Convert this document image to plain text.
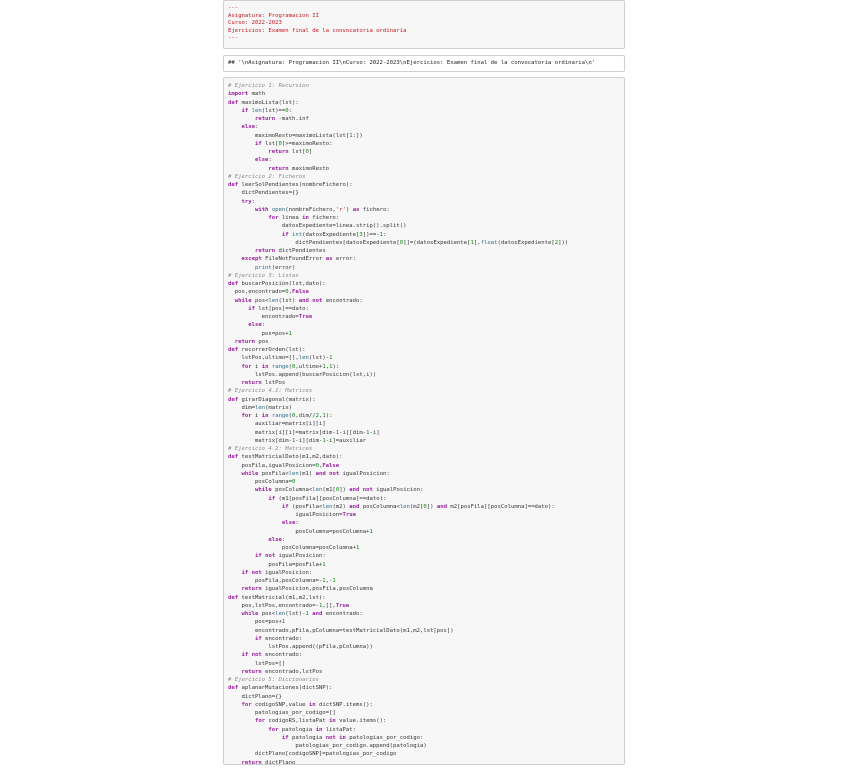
---
Asignatura: Programacion II
Curso: 2022-2023
Ejercicios: Examen final de la convocatoria ordinaria
---
## '\nAsignatura: Programacion II\nCurso: 2022-2023\nEjercicios: Examen final de la convocatoria ordinaria\n'
# Ejercicio 1: Recursion
import math
def maximoLista(lst):
if len(lst)==0:
return -math.inf
else:
maximoResto=maximoLista(lst[1:])
if lst[0]>=maximoResto:
return lst[0]
else:
return maximoResto
# Ejercicio 2: Ficheros
def leerSolPendientes(nombreFichero):
dictPendientes={}
try:
with open(nombreFichero,'r') as fichero:
for linea in fichero:
datosExpediente=linea.strip().split()
if int(datosExpediente[3])==-1:
dictPendientes[datosExpediente[0]]=(datosExpediente[1],float(datosExpediente[2]))
return dictPendientes
except FileNotFoundError as error:
print(error)
# Ejercicio 3: Listas
def buscarPosicion(lst,dato):
pos,encontrado=0,False
while pos<len(lst) and not encontrado:
if lst[pos]==dato:
encontrado=True
else:
pos=pos+1
return pos
def recorrerOrden(lst):
lstPos,ultimo=[],len(lst)-1
for i in range(0,ultimo+1,1):
lstPos.append(buscarPosicion(lst,i))
return lstPos
# Ejercicio 4.1: Matrices
def girarDiagonal(matrix):
dim=len(matrix)
for i in range(0,dim//2,1):
auxiliar=matrix[i][i]
matrix[i][i]=matrix[dim-1-i][dim-1-i]
matrix[dim-1-i][dim-1-i]=auxiliar
# Ejercicio 4.2: Matrices
def testMatricialDato(m1,m2,dato):
posFila,igualPosicion=0,False
while posFila<len(m1) and not igualPosicion:
posColumna=0
while posColumna<len(m1[0]) and not igualPosicion:
if (m1[posFila][posColumna]==dato):
if (posFila<len(m2) and posColumna<len(m2[0]) and m2[posFila][posColumna]==dato):
igualPosicion=True
else:
posColumna=posColumna+1
else:
posColumna=posColumna+1
if not igualPosicion:
posFila=posFila+1
if not igualPosicion:
posFila,posColumna=-1,-1
return igualPosicion,posFila,posColumna
def testMatricial(m1,m2,lst):
pos,lstPos,encontrado=-1,[],True
while pos<len(lst)-1 and encontrado:
pos=pos+1
encontrado,pFila,pColumna=testMatricialDato(m1,m2,lst[pos])
if encontrado:
lstPos.append((pFila,pColumna))
if not encontrado:
lstPos=[]
return encontrado,lstPos
# Ejercicio 5: Diccionarios
def aplanarMutaciones(dictSNP):
dictPlano={}
for codigoSNP,value in dictSNP.items():
patologias_por_codigo=[]
for codigoRS,listaPat in value.items():
for patologia in listaPat:
if patologia not in patologias_por_codigo:
patologias_por_codigo.append(patologia)
dictPlano[codigoSNP]=patologias_por_codigo
return dictPlano
